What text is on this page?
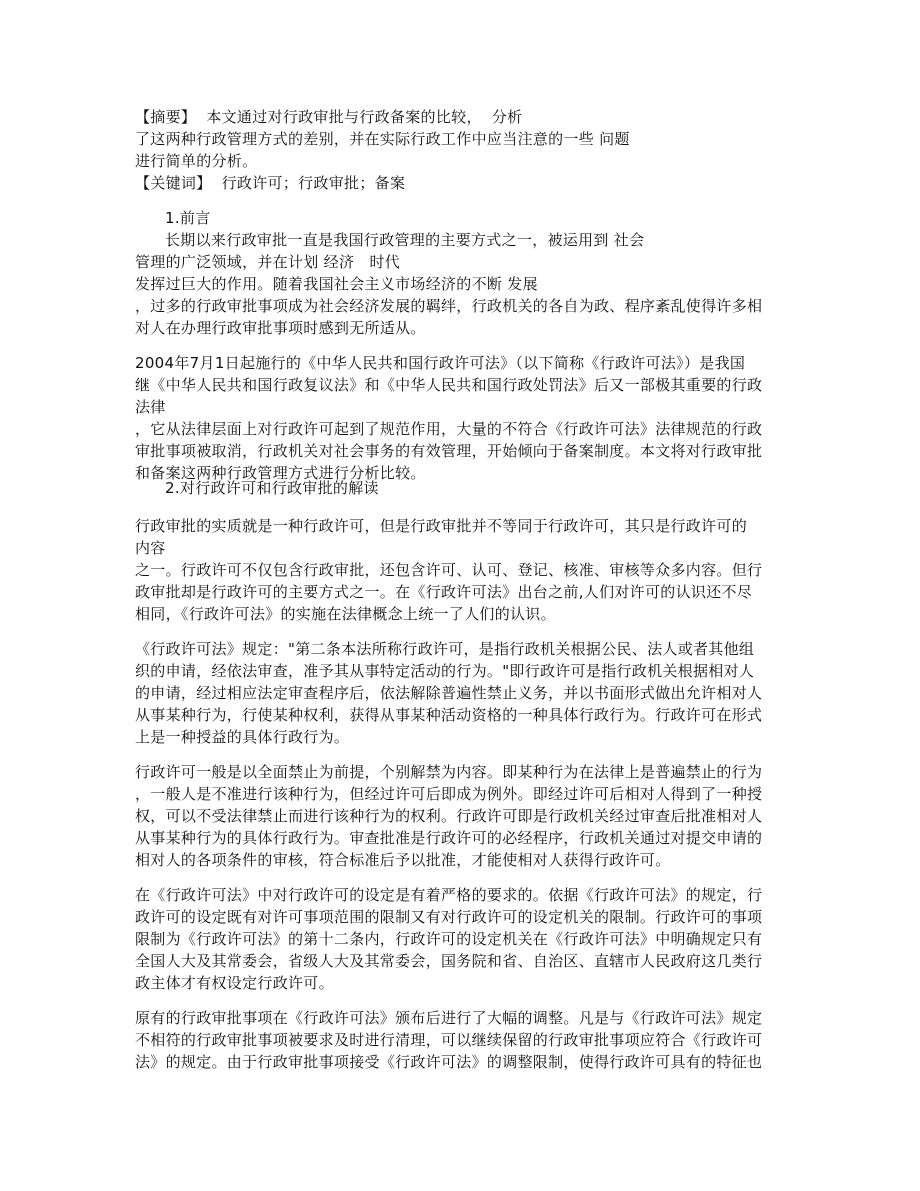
【摘要】  本文通过对行政审批与行政备案的比较，  分析
了这两种行政管理方式的差别，并在实际行政工作中应当注意的一些 问题
进行简单的分析。
【关键词】  行政许可；行政审批；备案
1.前言
长期以来行政审批一直是我国行政管理的主要方式之一，被运用到 社会
管理的广泛领域，并在计划 经济   时代
发挥过巨大的作用。随着我国社会主义市场经济的不断 发展
，过多的行政审批事项成为社会经济发展的羁绊，行政机关的各自为政、程序紊乱使得许多相
对人在办理行政审批事项时感到无所适从。
2004年7月1日起施行的《中华人民共和国行政许可法》（以下简称《行政许可法》）是我国
继《中华人民共和国行政复议法》和《中华人民共和国行政处罚法》后又一部极其重要的行政
法律
，它从法律层面上对行政许可起到了规范作用，大量的不符合《行政许可法》法律规范的行政
审批事项被取消，行政机关对社会事务的有效管理，开始倾向于备案制度。本文将对行政审批
和备案这两种行政管理方式进行分析比较。
2.对行政许可和行政审批的解读
行政审批的实质就是一种行政许可，但是行政审批并不等同于行政许可，其只是行政许可的
内容
之一。行政许可不仅包含行政审批，还包含许可、认可、登记、核准、审核等众多内容。但行
政审批却是行政许可的主要方式之一。在《行政许可法》出台之前,人们对许可的认识还不尽
相同，《行政许可法》的实施在法律概念上统一了人们的认识。
《行政许可法》规定："第二条本法所称行政许可，是指行政机关根据公民、法人或者其他组
织的申请，经依法审查，准予其从事特定活动的行为。"即行政许可是指行政机关根据相对人
的申请，经过相应法定审查程序后，依法解除普遍性禁止义务，并以书面形式做出允许相对人
从事某种行为，行使某种权利，获得从事某种活动资格的一种具体行政行为。行政许可在形式
上是一种授益的具体行政行为。
行政许可一般是以全面禁止为前提，个别解禁为内容。即某种行为在法律上是普遍禁止的行为
，一般人是不准进行该种行为，但经过许可后即成为例外。即经过许可后相对人得到了一种授
权，可以不受法律禁止而进行该种行为的权利。行政许可即是行政机关经过审查后批准相对人
从事某种行为的具体行政行为。审查批准是行政许可的必经程序，行政机关通过对提交申请的
相对人的各项条件的审核，符合标准后予以批准，才能使相对人获得行政许可。
在《行政许可法》中对行政许可的设定是有着严格的要求的。依据《行政许可法》的规定，行
政许可的设定既有对许可事项范围的限制又有对行政许可的设定机关的限制。行政许可的事项
限制为《行政许可法》的第十二条内，行政许可的设定机关在《行政许可法》中明确规定只有
全国人大及其常委会，省级人大及其常委会，国务院和省、自治区、直辖市人民政府这几类行
政主体才有权设定行政许可。
原有的行政审批事项在《行政许可法》颁布后进行了大幅的调整。凡是与《行政许可法》规定
不相符的行政审批事项被要求及时进行清理，可以继续保留的行政审批事项应符合《行政许可
法》的规定。由于行政审批事项接受《行政许可法》的调整限制，使得行政许可具有的特征也
